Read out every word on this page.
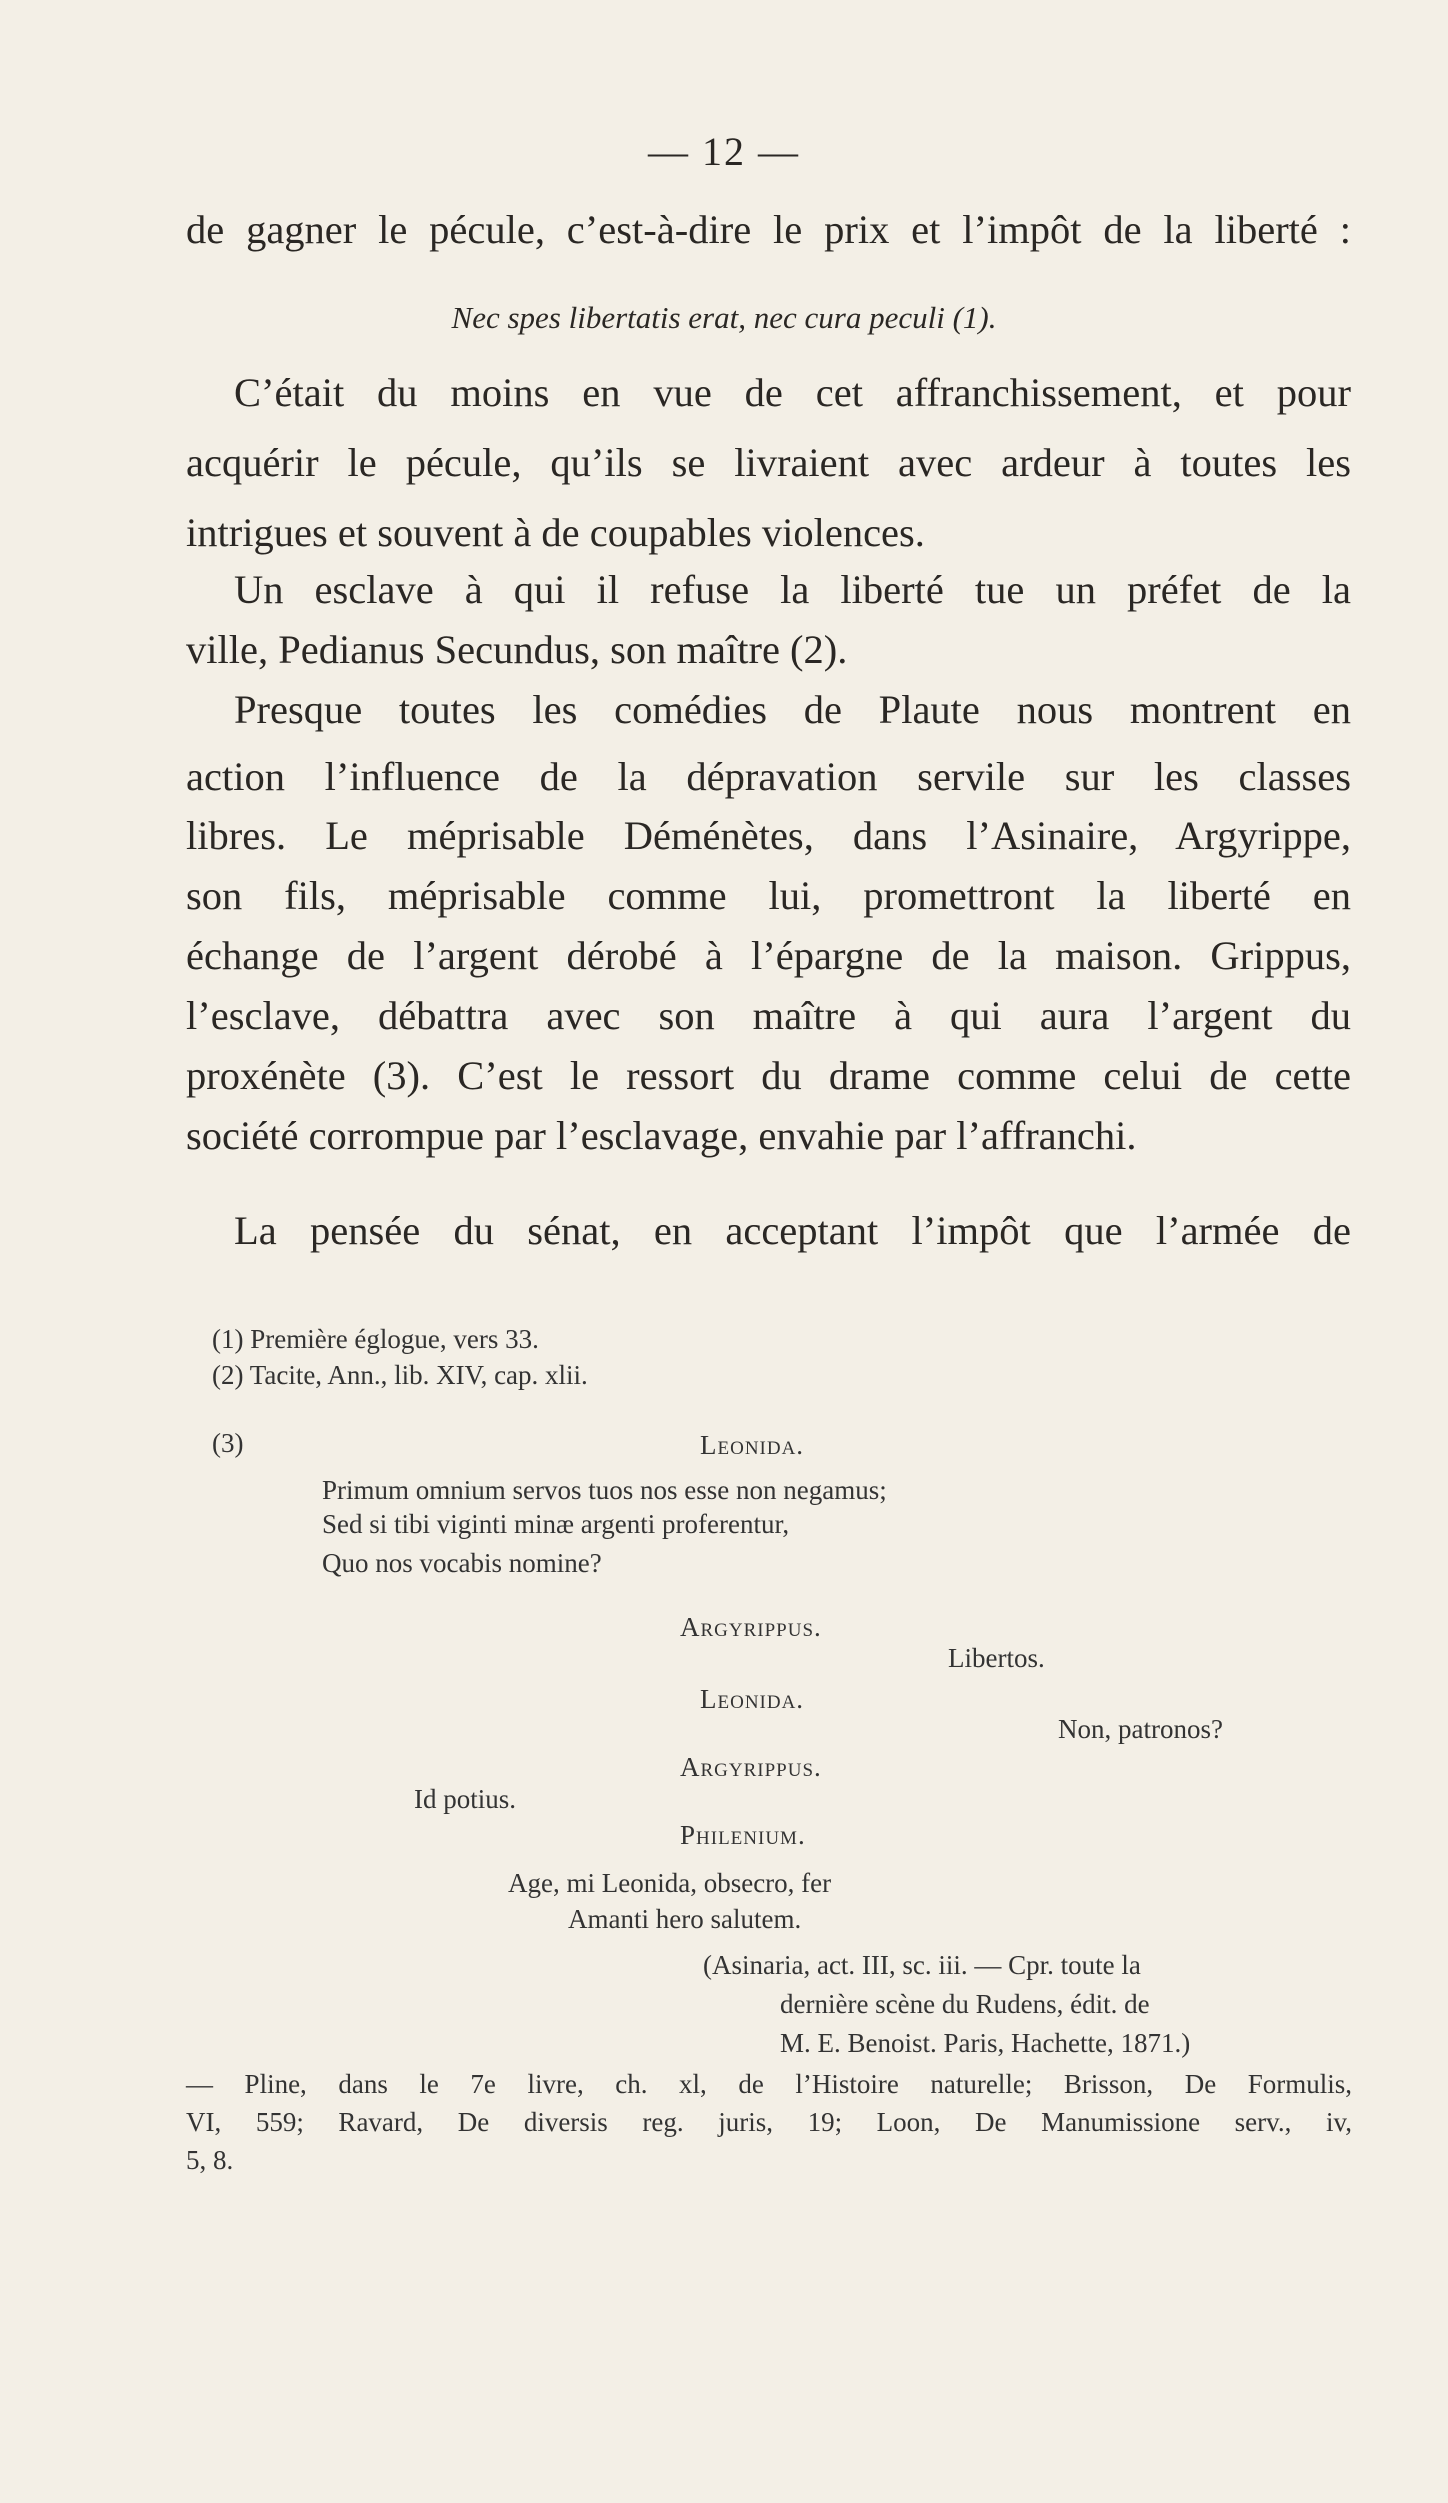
— 12 —
de gagner le pécule, c’est-à-dire le prix et l’impôt de la liberté :
Nec spes libertatis erat, nec cura peculi (1).
C’était du moins en vue de cet affranchissement, et pour
acquérir le pécule, qu’ils se livraient avec ardeur à toutes les
intrigues et souvent à de coupables violences.
Un esclave à qui il refuse la liberté tue un préfet de la
ville, Pedianus Secundus, son maître (2).
Presque toutes les comédies de Plaute nous montrent en
action l’influence de la dépravation servile sur les classes
libres. Le méprisable Déménètes, dans l’Asinaire, Argyrippe,
son fils, méprisable comme lui, promettront la liberté en
échange de l’argent dérobé à l’épargne de la maison. Grippus,
l’esclave, débattra avec son maître à qui aura l’argent du
proxénète (3). C’est le ressort du drame comme celui de cette
société corrompue par l’esclavage, envahie par l’affranchi.
La pensée du sénat, en acceptant l’impôt que l’armée de
(1) Première églogue, vers 33.
(2) Tacite, Ann., lib. XIV, cap. xlii.
(3)	Leonida.
Primum omnium servos tuos nos esse non negamus;
Sed si tibi viginti minæ argenti proferentur,
Quo nos vocabis nomine?
Argyrippus.
Libertos.
Leonida.
Non, patronos?
Argyrippus.
Id potius.
Philenium.
Age, mi Leonida, obsecro, fer
Amanti hero salutem.
(Asinaria, act. III, sc. iii. — Cpr. toute la
dernière scène du Rudens, édit. de
M. E. Benoist. Paris, Hachette, 1871.)
— Pline, dans le 7e livre, ch. xl, de l’Histoire naturelle; Brisson, De Formulis,
VI, 559; Ravard, De diversis reg. juris, 19; Loon, De Manumissione serv., iv,
5, 8.
